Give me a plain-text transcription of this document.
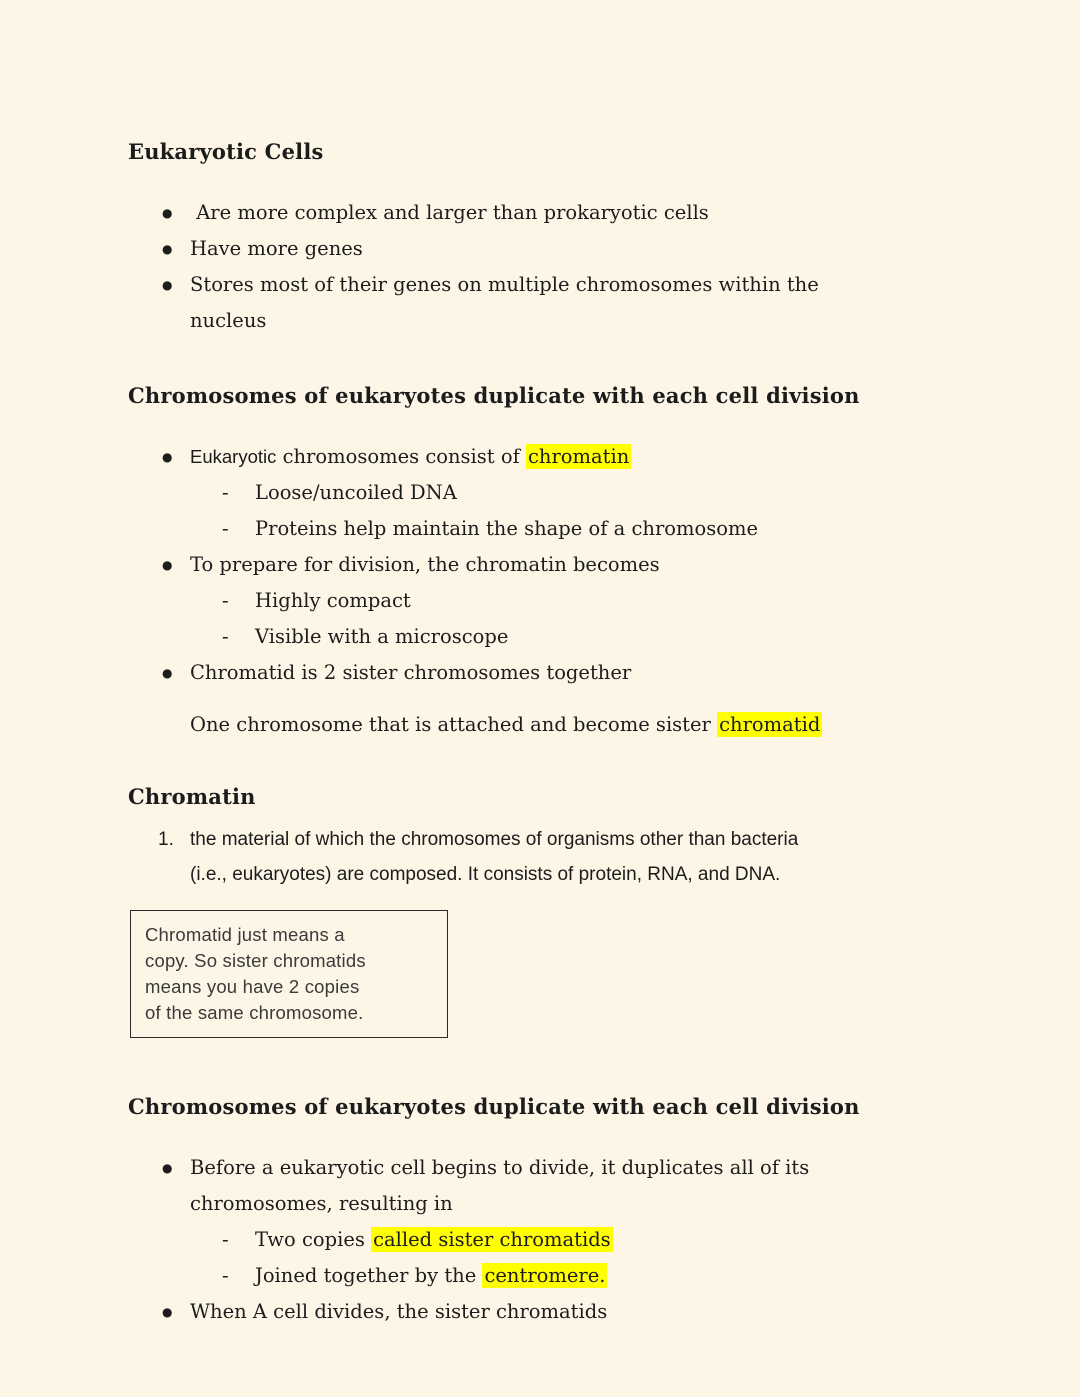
Eukaryotic Cells
● Are more complex and larger than prokaryotic cells
● Have more genes
● Stores most of their genes on multiple chromosomes within the nucleus
Chromosomes of eukaryotes duplicate with each cell division
● Eukaryotic chromosomes consist of chromatin
-	Loose/uncoiled DNA
-	Proteins help maintain the shape of a chromosome
● To prepare for division, the chromatin becomes
-	Highly compact
-	Visible with a microscope
● Chromatid is 2 sister chromosomes together
One chromosome that is attached and become sister chromatid
Chromatin
1. the material of which the chromosomes of organisms other than bacteria
(i.e., eukaryotes) are composed. It consists of protein, RNA, and DNA.
Chromatid just means a
copy. So sister chromatids
means you have 2 copies
of the same chromosome.
Chromosomes of eukaryotes duplicate with each cell division
● Before a eukaryotic cell begins to divide, it duplicates all of its
chromosomes, resulting in
-	Two copies called sister chromatids
-	Joined together by the centromere.
● When A cell divides, the sister chromatids
